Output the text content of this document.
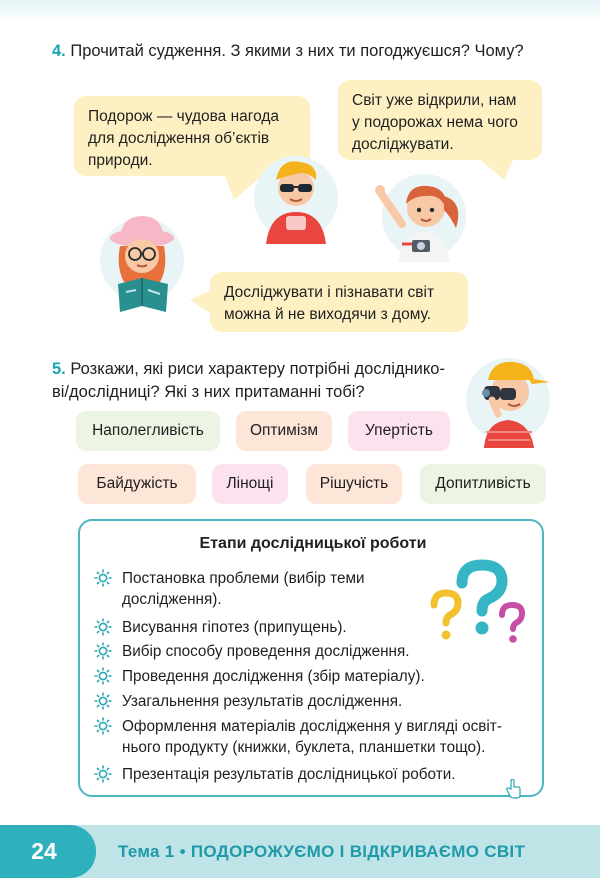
4. Прочитай судження. З якими з них ти погоджуєшся? Чому?
Подорож — чудова нагода для дослідження об’єктів природи.
Світ уже відкрили, нам у подорожах нема чого досліджувати.
Досліджувати і пізнавати світ можна й не виходячи з дому.
5. Розкажи, які риси характеру потрібні дослідникові/дослідниці? Які з них притаманні тобі?
Наполегливість	Оптимізм	Упертість
Байдужість	Лінощі	Рішучість	Допитливість
Етапи дослідницької роботи
Постановка проблеми (вибір теми дослідження).
Висування гіпотез (припущень).
Вибір способу проведення дослідження.
Проведення дослідження (збір матеріалу).
Узагальнення результатів дослідження.
Оформлення матеріалів дослідження у вигляді освітнього продукту (книжки, буклета, планшетки тощо).
Презентація результатів дослідницької роботи.
24	Тема 1 • ПОДОРОЖУЄМО І ВІДКРИВАЄМО СВІТ
